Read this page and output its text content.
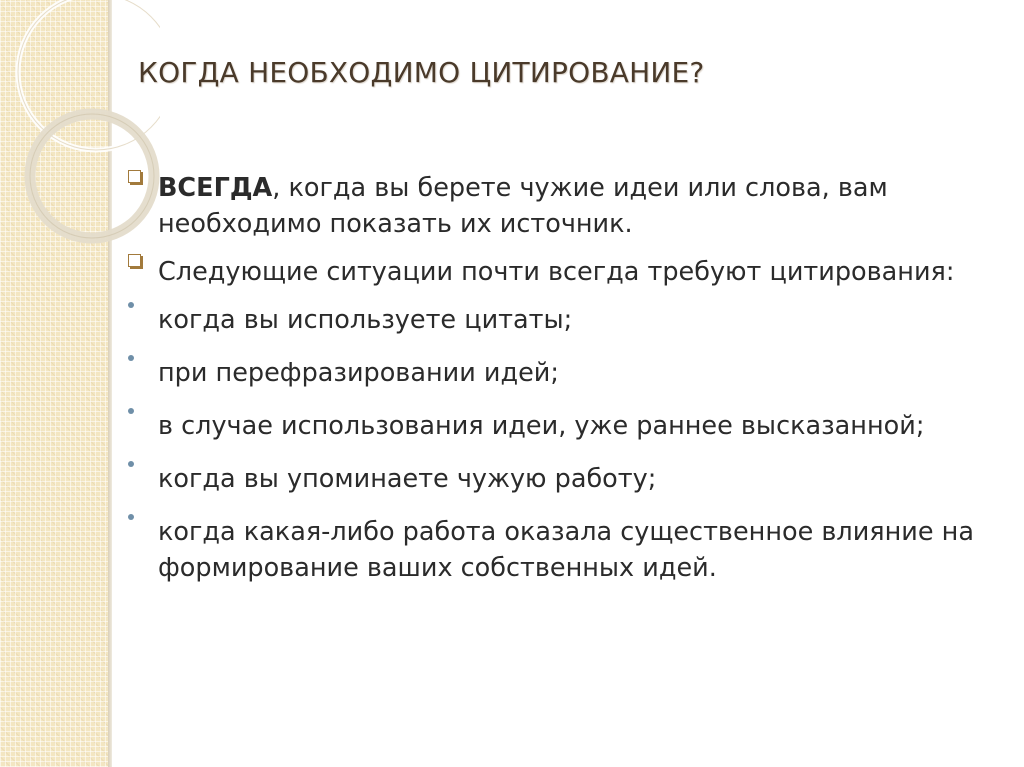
КОГДА НЕОБХОДИМО ЦИТИРОВАНИЕ?
ВСЕГДА, когда вы берете чужие идеи или слова, вам необходимо показать их источник.
Следующие ситуации почти всегда требуют цитирования:
когда вы используете цитаты;
при перефразировании идей;
в случае использования идеи, уже раннее высказанной;
когда вы упоминаете чужую работу;
когда какая-либо работа оказала существенное влияние на формирование ваших собственных идей.
